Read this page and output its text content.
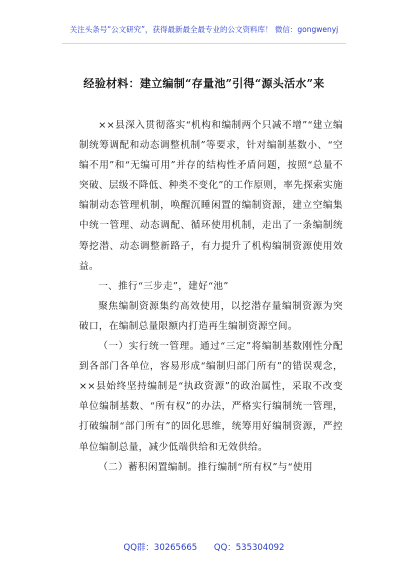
关注头条号“公文研究”，获得最新最全最专业的公文资料库！ 微信：gongwenyj
经验材料：建立编制“存量池”引得“源头活水”来

××县深入贯彻落实“机构和编制两个只减不增”“建立编制统筹调配和动态调整机制”等要求，针对编制基数小、“空编不用”和“无编可用”并存的结构性矛盾问题，按照“总量不突破、层级不降低、种类不变化”的工作原则，率先探索实施编制动态管理机制，唤醒沉睡闲置的编制资源，建立空编集中统一管理、动态调配、循环使用机制，走出了一条编制统筹挖潜、动态调整新路子，有力提升了机构编制资源使用效益。

一、推行“三步走”，建好“池”

聚焦编制资源集约高效使用，以挖潜存量编制资源为突破口，在编制总量限额内打造再生编制资源空间。

（一）实行统一管理。通过“三定”将编制基数刚性分配到各部门各单位，容易形成“编制归部门所有”的错误观念，××县始终坚持编制是“执政资源”的政治属性，采取不改变单位编制基数、“所有权”的办法，严格实行编制统一管理，打破编制“部门所有”的固化思维，统筹用好编制资源，严控单位编制总量，减少低端供给和无效供给。

（二）蓄积闲置编制。推行编制“所有权”与“使用

QQ群：30265665 QQ：535304092
